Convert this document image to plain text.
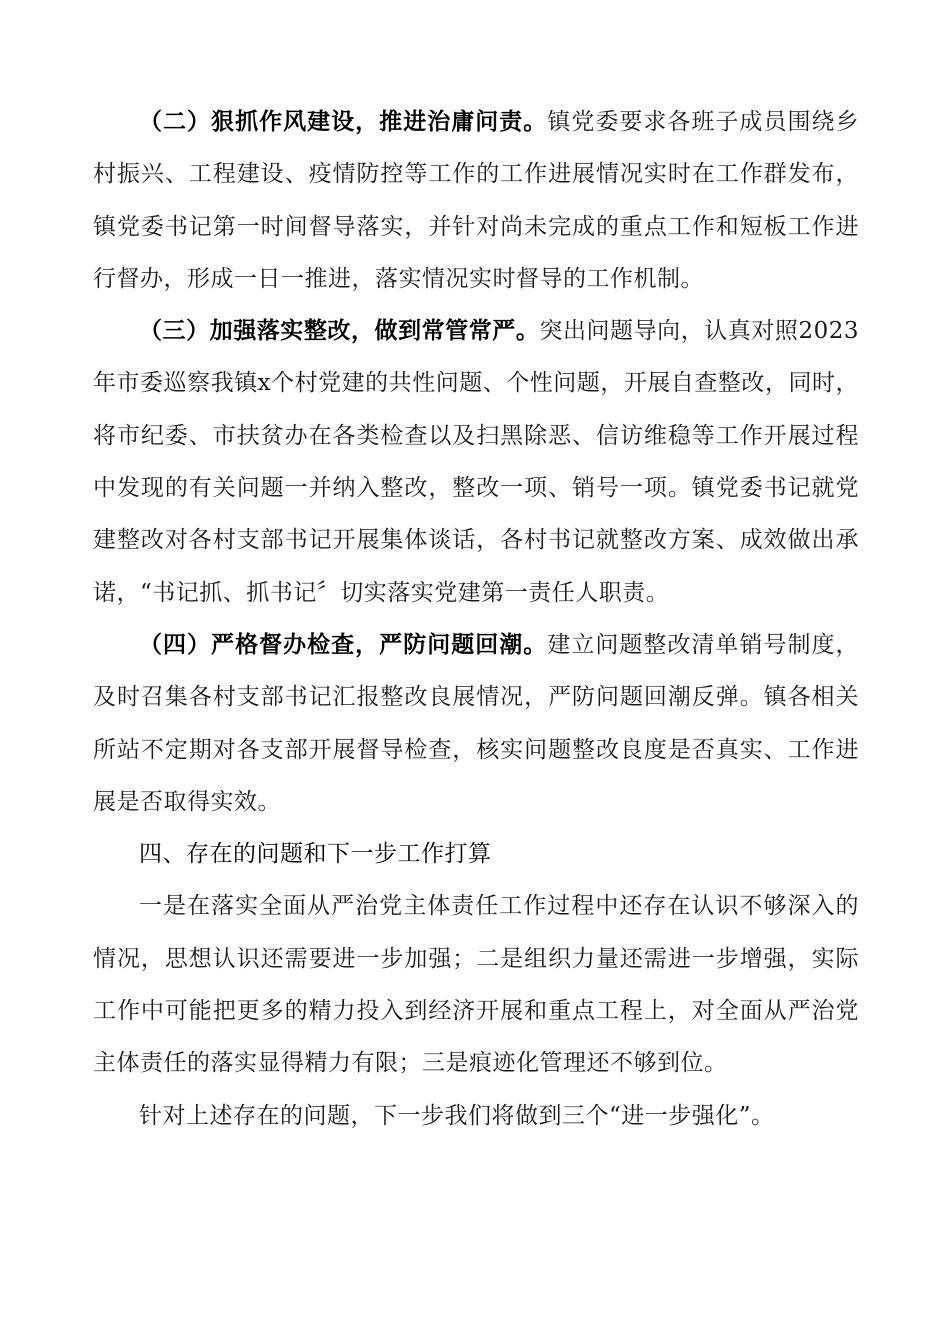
（二）狠抓作风建设，推进治庸问责。镇党委要求各班子成员围绕乡村振兴、工程建设、疫情防控等工作的工作进展情况实时在工作群发布，镇党委书记第一时间督导落实，并针对尚未完成的重点工作和短板工作进行督办，形成一日一推进，落实情况实时督导的工作机制。

（三）加强落实整改，做到常管常严。突出问题导向，认真对照2023年市委巡察我镇x个村党建的共性问题、个性问题，开展自查整改，同时，将市纪委、市扶贫办在各类检查以及扫黑除恶、信访维稳等工作开展过程中发现的有关问题一并纳入整改，整改一项、销号一项。镇党委书记就党建整改对各村支部书记开展集体谈话，各村书记就整改方案、成效做出承诺，“书记抓、抓书记〞切实落实党建第一责任人职责。

（四）严格督办检查，严防问题回潮。建立问题整改清单销号制度，及时召集各村支部书记汇报整改良展情况，严防问题回潮反弹。镇各相关所站不定期对各支部开展督导检查，核实问题整改良度是否真实、工作进展是否取得实效。

四、存在的问题和下一步工作打算

一是在落实全面从严治党主体责任工作过程中还存在认识不够深入的情况，思想认识还需要进一步加强；二是组织力量还需进一步增强，实际工作中可能把更多的精力投入到经济开展和重点工程上，对全面从严治党主体责任的落实显得精力有限；三是痕迹化管理还不够到位。

针对上述存在的问题，下一步我们将做到三个“进一步强化”。
